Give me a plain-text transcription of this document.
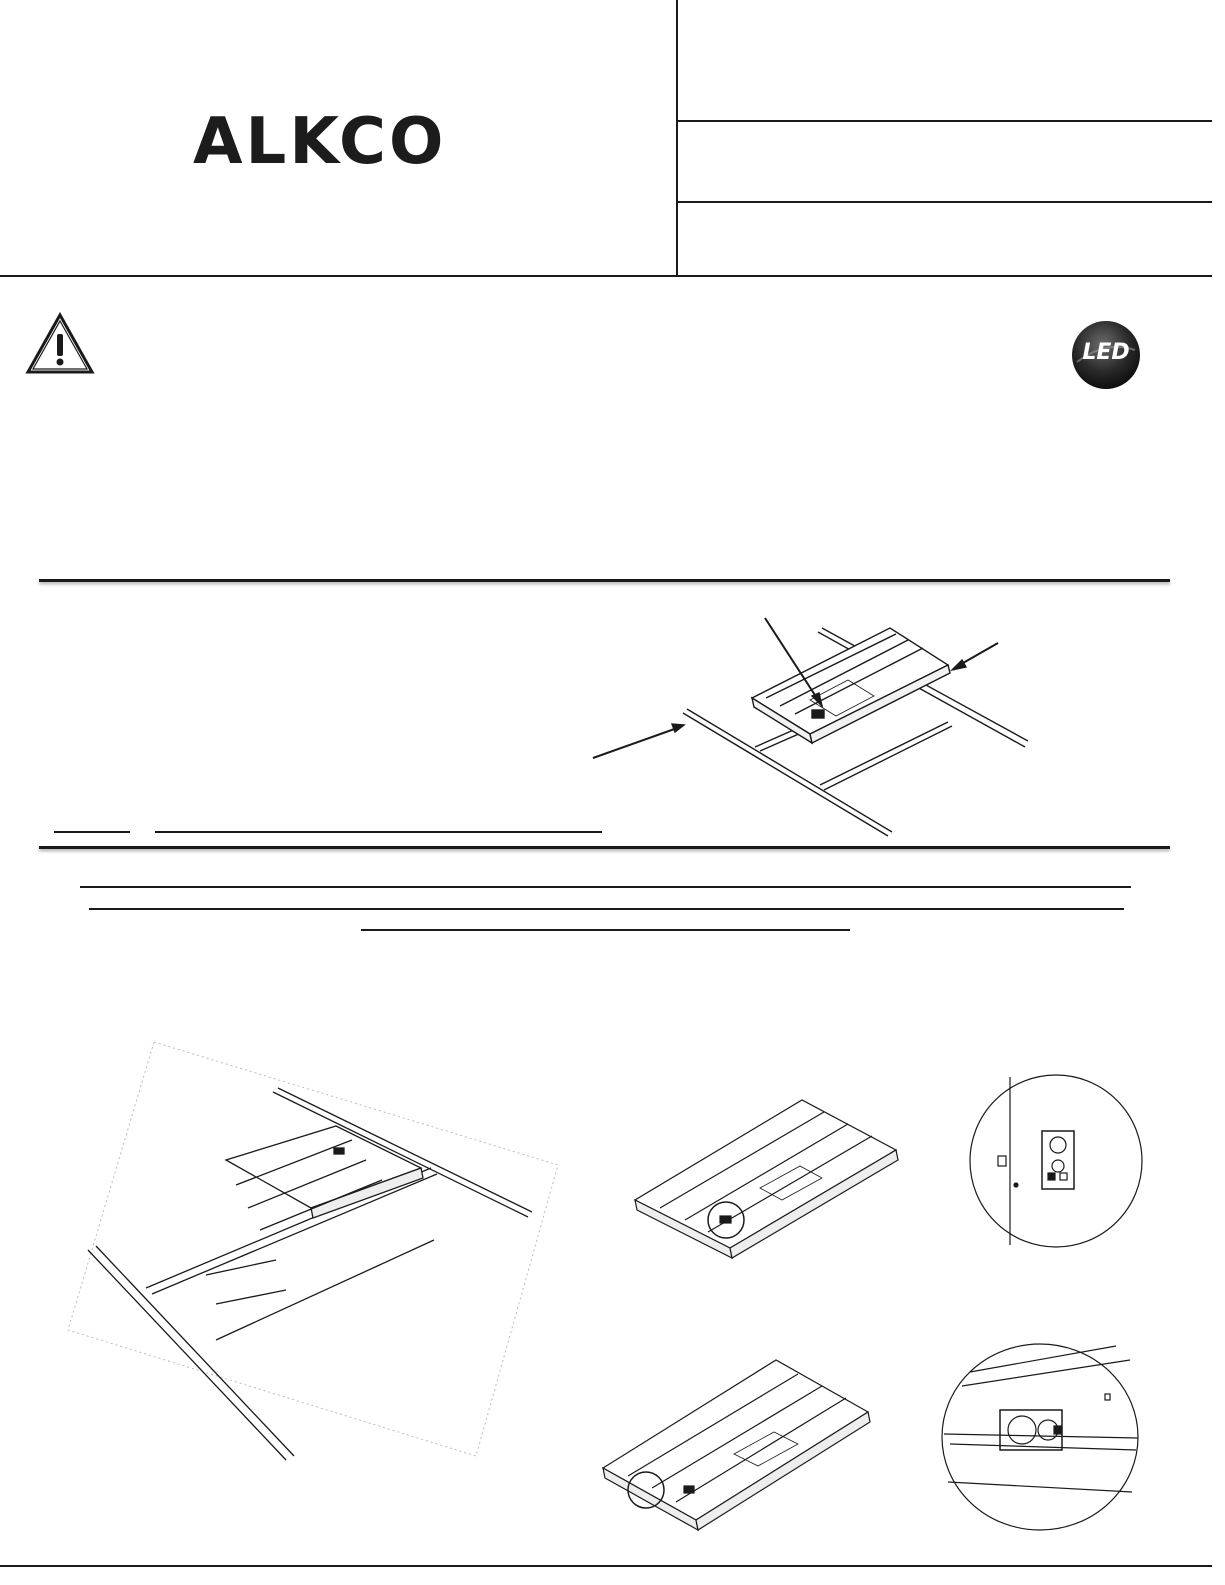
ALKCO
LED
